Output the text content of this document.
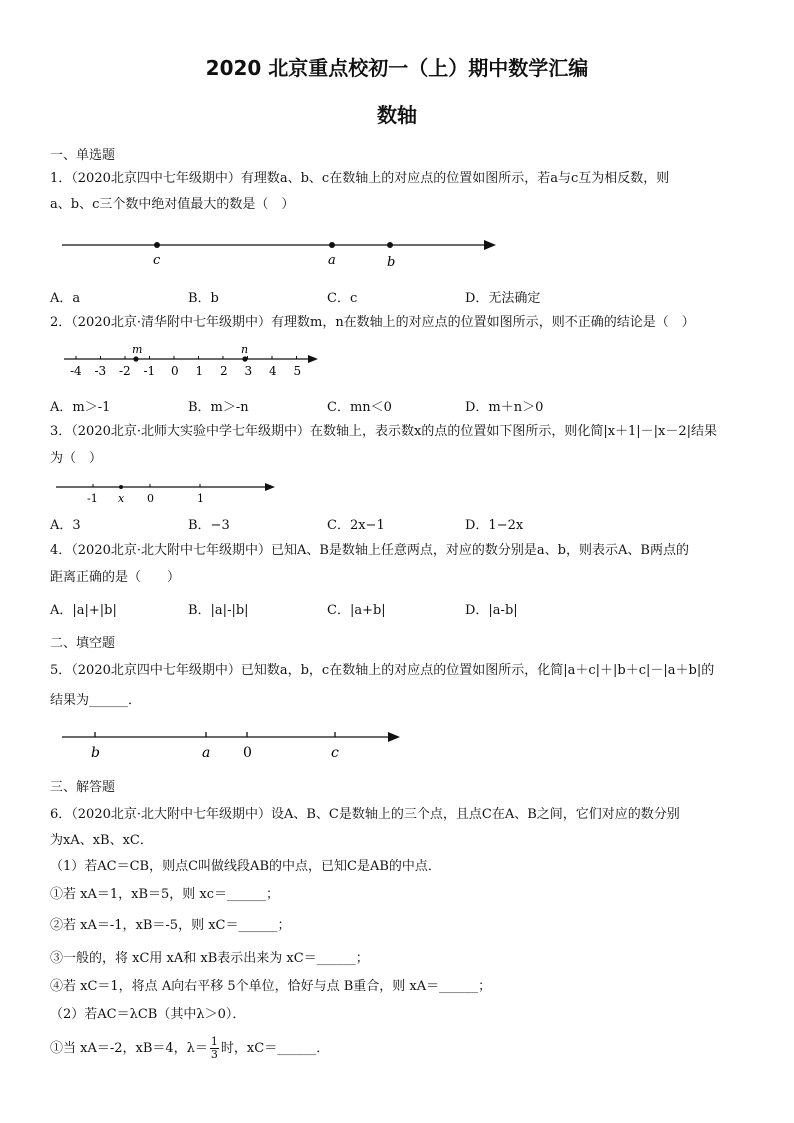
2020 北京重点校初一（上）期中数学汇编
数轴
一、单选题
1．（2020北京四中七年级期中）有理数a、b、c在数轴上的对应点的位置如图所示，若a与c互为相反数，则
a、b、c三个数中绝对值最大的数是（　）
c	a	b
A．a	B．b	C．c	D．无法确定
2．（2020北京·清华附中七年级期中）有理数m，n在数轴上的对应点的位置如图所示，则不正确的结论是（　）
-4 -3 -2 -1 0 1 2 3 4 5
m	n
A．m＞-1	B．m＞-n	C．mn＜0	D．m＋n＞0
3．（2020北京·北师大实验中学七年级期中）在数轴上，表示数x的点的位置如下图所示，则化简|x＋1|－|x－2|结果
为（　）
-1 x 0	1
A．3	B．−3	C．2x−1	D．1−2x
4．（2020北京·北大附中七年级期中）已知A、B是数轴上任意两点，对应的数分别是a、b，则表示A、B两点的
距离正确的是（　　）
A．|a|+|b|	B．|a|-|b|	C．|a+b|	D．|a-b|
二、填空题
5．（2020北京四中七年级期中）已知数a，b，c在数轴上的对应点的位置如图所示，化简|a＋c|＋|b＋c|－|a＋b|的
结果为______．
b	a 0	c
三、解答题
6．（2020北京·北大附中七年级期中）设A、B、C是数轴上的三个点，且点C在A、B之间，它们对应的数分别
为xA、xB、xC．
（1）若AC＝CB，则点C叫做线段AB的中点，已知C是AB的中点．
①若 xA＝1，xB＝5，则 xc＝______；
②若 xA＝-1，xB＝-5，则 xC＝______；
③一般的，将 xC用 xA和 xB表示出来为 xC＝______；
④若 xC＝1，将点 A向右平移 5个单位，恰好与点 B重合，则 xA＝______；
（2）若AC＝λCB（其中λ＞0）．
①当 xA＝-2，xB＝4，$\lambda= \frac{1}{3}$ 时，xC＝______．
